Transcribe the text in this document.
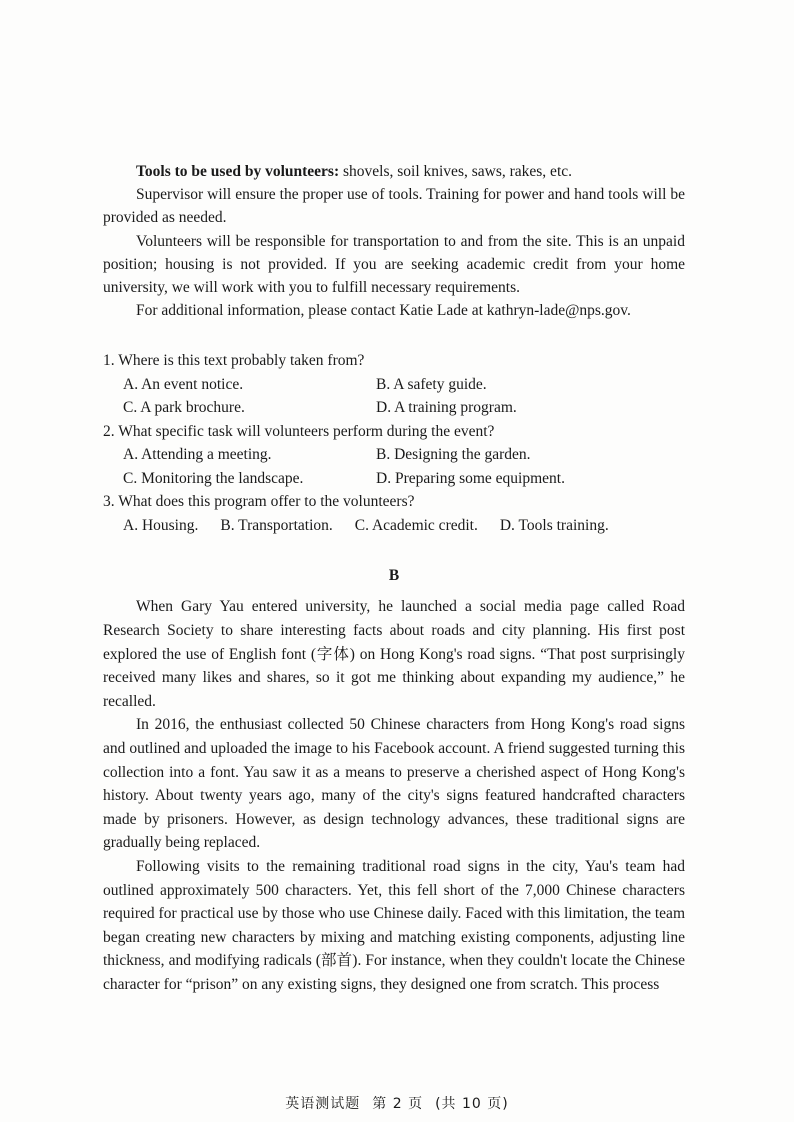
Tools to be used by volunteers: shovels, soil knives, saws, rakes, etc.

Supervisor will ensure the proper use of tools. Training for power and hand tools will be provided as needed.

Volunteers will be responsible for transportation to and from the site. This is an unpaid position; housing is not provided. If you are seeking academic credit from your home university, we will work with you to fulfill necessary requirements.

For additional information, please contact Katie Lade at kathryn-lade@nps.gov.

1. Where is this text probably taken from?
A. An event notice.	B. A safety guide.
C. A park brochure.	D. A training program.
2. What specific task will volunteers perform during the event?
A. Attending a meeting.	B. Designing the garden.
C. Monitoring the landscape.	D. Preparing some equipment.
3. What does this program offer to the volunteers?
A. Housing. B. Transportation. C. Academic credit. D. Tools training.
B

When Gary Yau entered university, he launched a social media page called Road Research Society to share interesting facts about roads and city planning. His first post explored the use of English font (字体) on Hong Kong's road signs. “That post surprisingly received many likes and shares, so it got me thinking about expanding my audience,” he recalled.

In 2016, the enthusiast collected 50 Chinese characters from Hong Kong's road signs and outlined and uploaded the image to his Facebook account. A friend suggested turning this collection into a font. Yau saw it as a means to preserve a cherished aspect of Hong Kong's history. About twenty years ago, many of the city's signs featured handcrafted characters made by prisoners. However, as design technology advances, these traditional signs are gradually being replaced.

Following visits to the remaining traditional road signs in the city, Yau's team had outlined approximately 500 characters. Yet, this fell short of the 7,000 Chinese characters required for practical use by those who use Chinese daily. Faced with this limitation, the team began creating new characters by mixing and matching existing components, adjusting line thickness, and modifying radicals (部首). For instance, when they couldn't locate the Chinese character for “prison” on any existing signs, they designed one from scratch. This process

英语测试题 第 2 页 (共 10 页)
